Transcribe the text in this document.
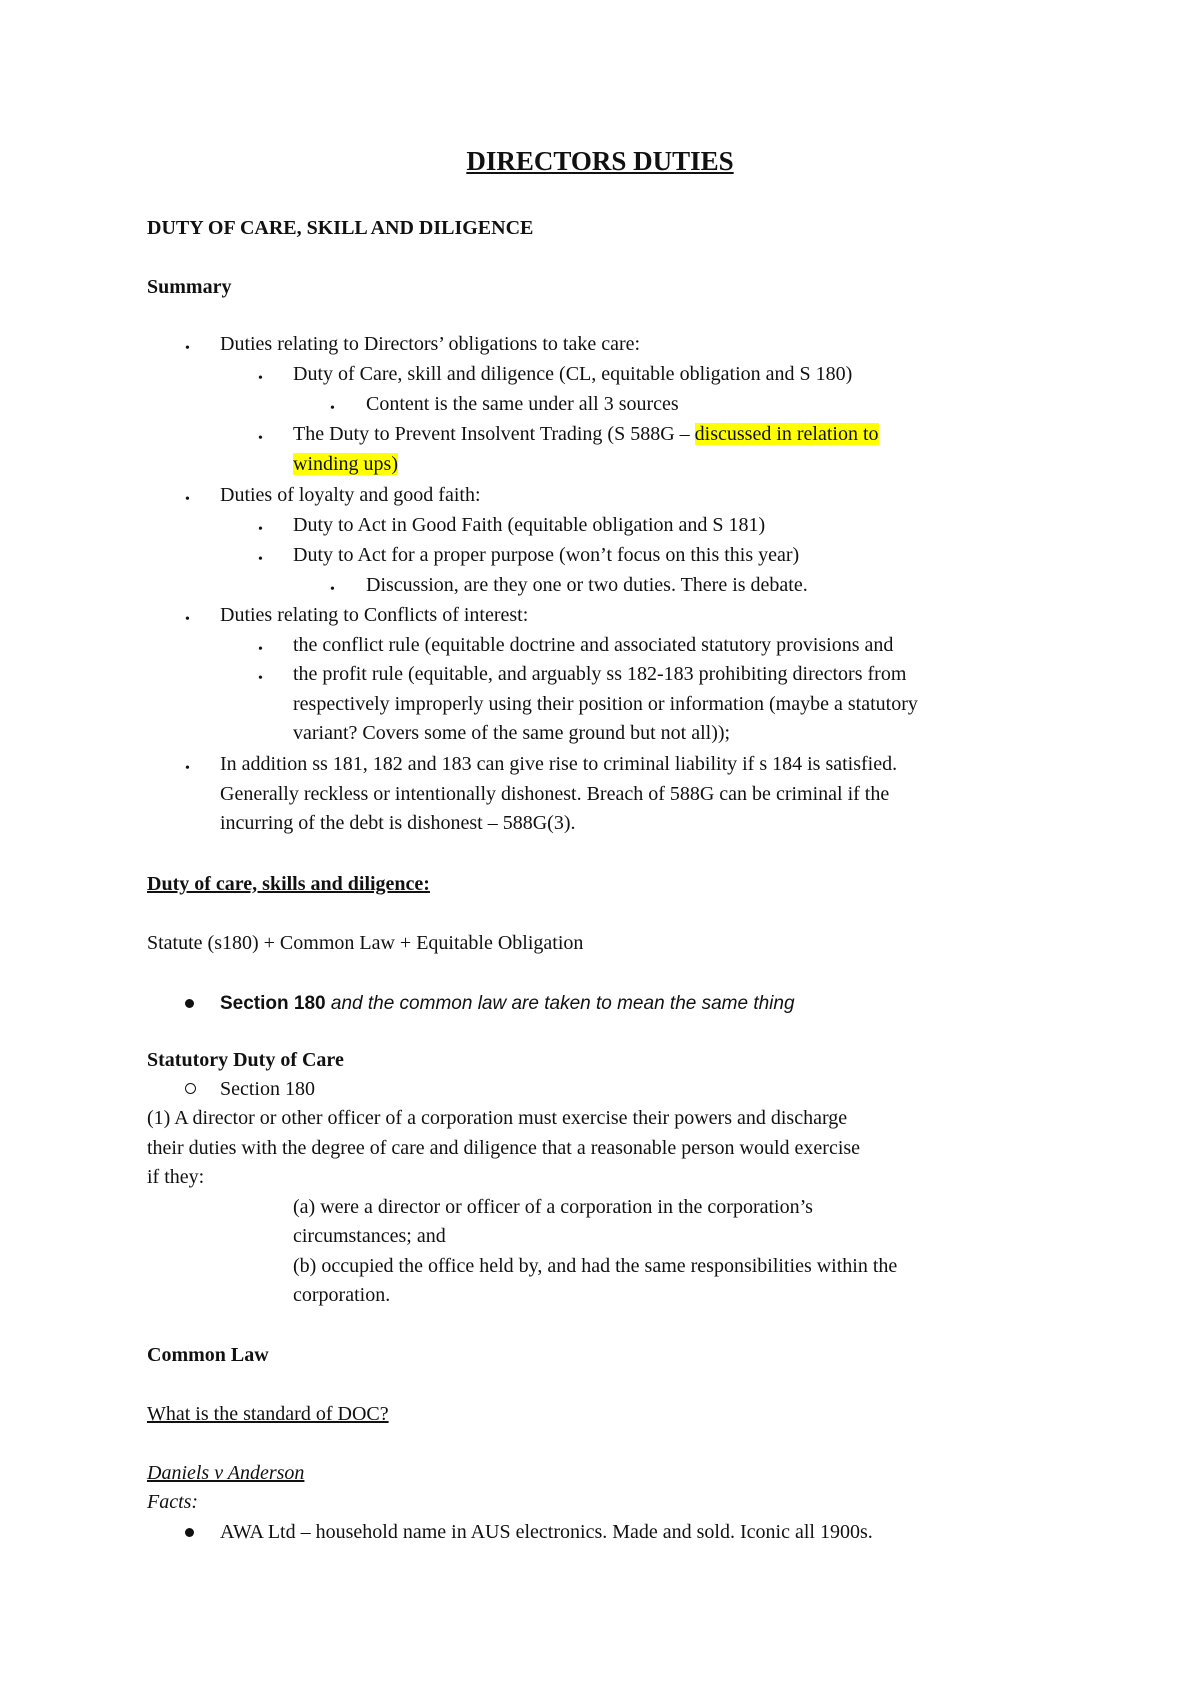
DIRECTORS DUTIES
DUTY OF CARE, SKILL AND DILIGENCE
Summary
• Duties relating to Directors’ obligations to take care:
• Duty of Care, skill and diligence (CL, equitable obligation and S 180)
• Content is the same under all 3 sources
• The Duty to Prevent Insolvent Trading (S 588G – discussed in relation to
winding ups)
• Duties of loyalty and good faith:
• Duty to Act in Good Faith (equitable obligation and S 181)
• Duty to Act for a proper purpose (won’t focus on this this year)
• Discussion, are they one or two duties. There is debate.
• Duties relating to Conflicts of interest:
• the conflict rule (equitable doctrine and associated statutory provisions and
• the profit rule (equitable, and arguably ss 182-183 prohibiting directors from
respectively improperly using their position or information (maybe a statutory
variant? Covers some of the same ground but not all));
• In addition ss 181, 182 and 183 can give rise to criminal liability if s 184 is satisfied.
Generally reckless or intentionally dishonest. Breach of 588G can be criminal if the
incurring of the debt is dishonest – 588G(3).
Duty of care, skills and diligence:
Statute (s180) + Common Law + Equitable Obligation
Section 180 and the common law are taken to mean the same thing
Statutory Duty of Care
Section 180
(1) A director or other officer of a corporation must exercise their powers and discharge
their duties with the degree of care and diligence that a reasonable person would exercise
if they:
(a) were a director or officer of a corporation in the corporation’s
circumstances; and
(b) occupied the office held by, and had the same responsibilities within the
corporation.
Common Law
What is the standard of DOC?
Daniels v Anderson
Facts:
AWA Ltd – household name in AUS electronics. Made and sold. Iconic all 1900s.
